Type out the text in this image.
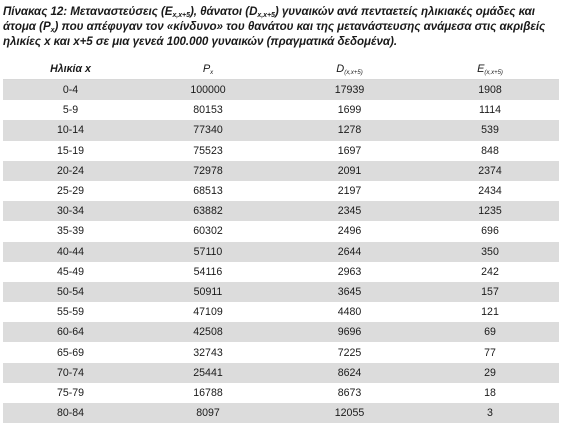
Πίνακας 12: Μεταναστεύσεις $(E_{x,x+5})$, θάνατοι $(D_{x,x+5})$ γυναικών ανά πενταετείς ηλικιακές ομάδες και άτομα $(P_x)$ που απέφυγαν τον «κίνδυνο» του θανάτου και της μετανάστευσης ανάμεσα στις ακριβείς ηλικίες x και x+5 σε μια γενεά 100.000 γυναικών (πραγματικά δεδομένα).
Ηλικία x	$P_x$	$D_{(x,x+5)}$	$E_{(x,x+5)}$
0-4	100000	17939	1908
5-9	80153	1699	1114
10-14	77340	1278	539
15-19	75523	1697	848
20-24	72978	2091	2374
25-29	68513	2197	2434
30-34	63882	2345	1235
35-39	60302	2496	696
40-44	57110	2644	350
45-49	54116	2963	242
50-54	50911	3645	157
55-59	47109	4480	121
60-64	42508	9696	69
65-69	32743	7225	77
70-74	25441	8624	29
75-79	16788	8673	18
80-84	8097	12055	3
